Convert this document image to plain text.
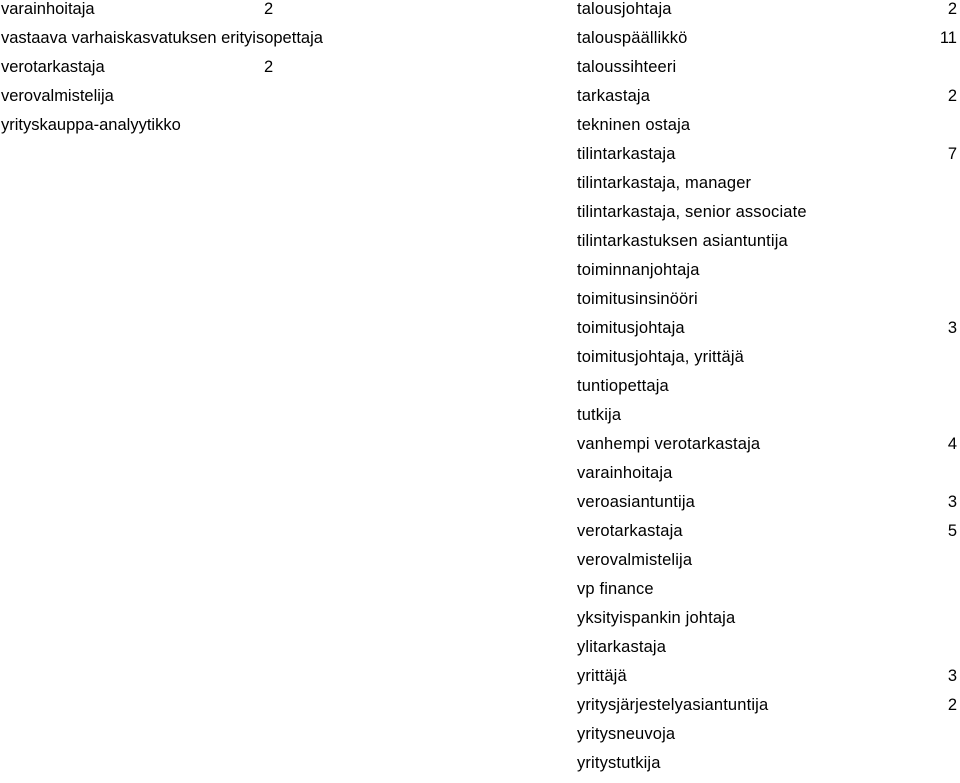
varainhoitaja	2
vastaava varhaiskasvatuksen erityisopettaja
verotarkastaja	2
verovalmistelija
yrityskauppa-analyytikko
talousjohtaja	2
talouspäällikkö	11
taloussihteeri
tarkastaja	2
tekninen ostaja
tilintarkastaja	7
tilintarkastaja, manager
tilintarkastaja, senior associate
tilintarkastuksen asiantuntija
toiminnanjohtaja
toimitusinsinööri
toimitusjohtaja	3
toimitusjohtaja, yrittäjä
tuntiopettaja
tutkija
vanhempi verotarkastaja	4
varainhoitaja
veroasiantuntija	3
verotarkastaja	5
verovalmistelija
vp finance
yksityispankin johtaja
ylitarkastaja
yrittäjä	3
yritysjärjestelyasiantuntija	2
yritysneuvoja
yritystutkija
